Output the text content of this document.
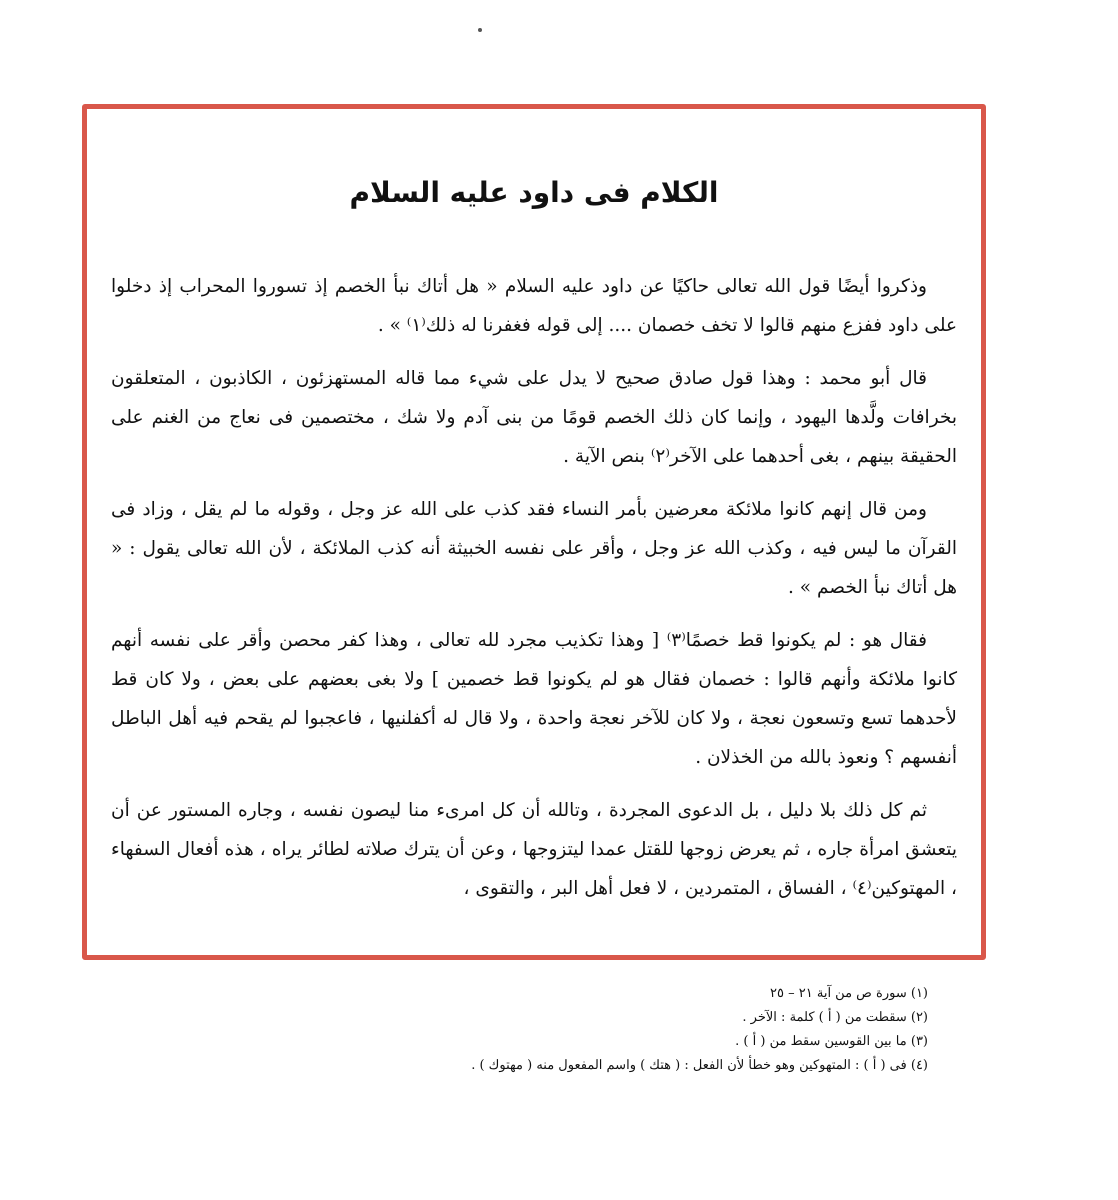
الكلام فى داود عليه السلام

وذكروا أيضًا قول الله تعالى حاكيًا عن داود عليه السلام « هل أتاك نبأ الخصم إذ تسوروا المحراب إذ دخلوا على داود ففزع منهم قالوا لا تخف خصمان .... إلى قوله فغفرنا له ذلك⁽١⁾ » .

قال أبو محمد : وهذا قول صادق صحيح لا يدل على شيء مما قاله المستهزئون ، الكاذبون ، المتعلقون بخرافات ولَّدها اليهود ، وإنما كان ذلك الخصم قومًا من بنى آدم ولا شك ، مختصمين فى نعاج من الغنم على الحقيقة بينهم ، بغى أحدهما على الآخر⁽٢⁾ بنص الآية .

ومن قال إنهم كانوا ملائكة معرضين بأمر النساء فقد كذب على الله عز وجل ، وقوله ما لم يقل ، وزاد فى القرآن ما ليس فيه ، وكذب الله عز وجل ، وأقر على نفسه الخبيثة أنه كذب الملائكة ، لأن الله تعالى يقول : « هل أتاك نبأ الخصم » .

فقال هو : لم يكونوا قط خصمًا⁽٣⁾ [ وهذا تكذيب مجرد لله تعالى ، وهذا كفر محصن وأقر على نفسه أنهم كانوا ملائكة وأنهم قالوا : خصمان فقال هو لم يكونوا قط خصمين ] ولا بغى بعضهم على بعض ، ولا كان قط لأحدهما تسع وتسعون نعجة ، ولا كان للآخر نعجة واحدة ، ولا قال له أكفلنيها ، فاعجبوا لم يقحم فيه أهل الباطل أنفسهم ؟ ونعوذ بالله من الخذلان .

ثم كل ذلك بلا دليل ، بل الدعوى المجردة ، وتالله أن كل امرىء منا ليصون نفسه ، وجاره المستور عن أن يتعشق امرأة جاره ، ثم يعرض زوجها للقتل عمدا ليتزوجها ، وعن أن يترك صلاته لطائر يراه ، هذه أفعال السفهاء ، المهتوكين⁽٤⁾ ، الفساق ، المتمردين ، لا فعل أهل البر ، والتقوى ،

(١) سورة ص من آية ٢١ – ٢٥

(٢) سقطت من ( أ ) كلمة : الآخر .

(٣) ما بين القوسين سقط من ( أ ) .

(٤) فى ( أ ) : المتهوكين وهو خطأ لأن الفعل : ( هتك ) واسم المفعول منه ( مهتوك ) .
